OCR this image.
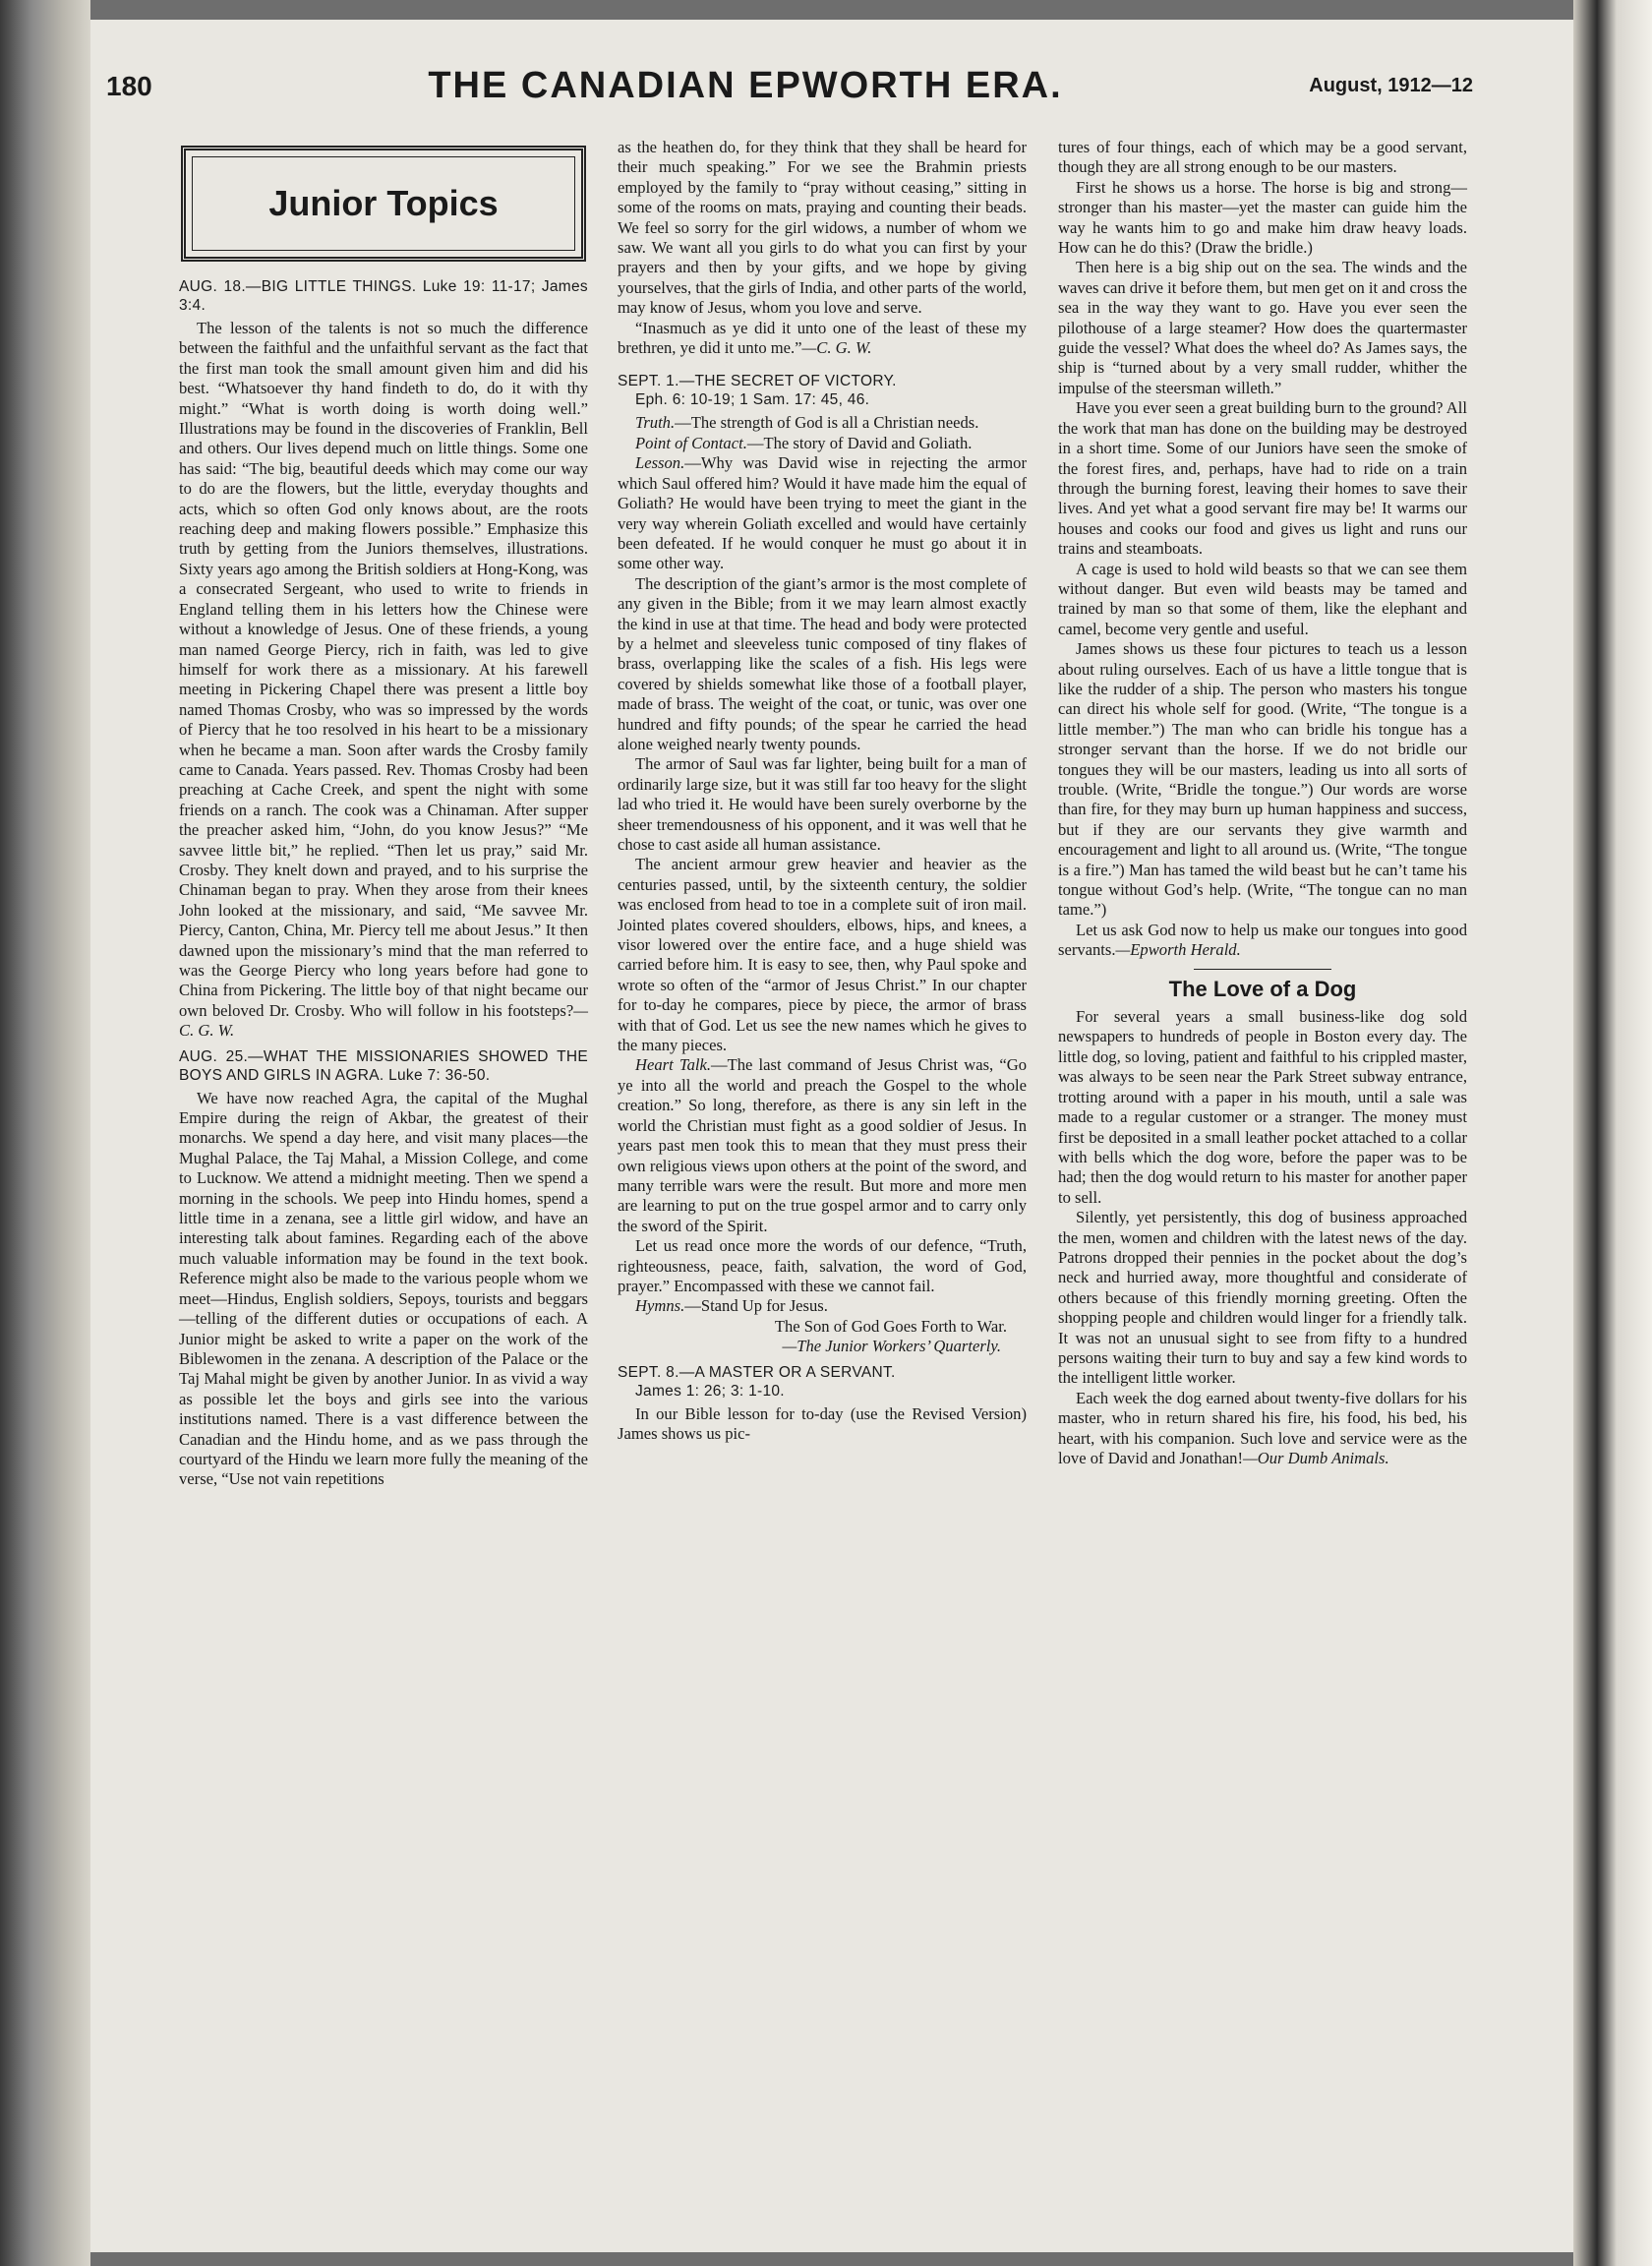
180	THE CANADIAN EPWORTH ERA.	August, 1912—12
Junior Topics
AUG. 18.—BIG LITTLE THINGS. Luke 19: 11-17; James 3:4.

The lesson of the talents is not so much the difference between the faithful and the unfaithful servant as the fact that the first man took the small amount given him and did his best. “Whatsoever thy hand findeth to do, do it with thy might.” “What is worth doing is worth doing well.” Illustrations may be found in the discoveries of Franklin, Bell and others. Our lives depend much on little things. Some one has said: “The big, beautiful deeds which may come our way to do are the flowers, but the little, everyday thoughts and acts, which so often God only knows about, are the roots reaching deep and making flowers possible.” Emphasize this truth by getting from the Juniors themselves, illustrations. Sixty years ago among the British soldiers at Hong-Kong, was a consecrated Sergeant, who used to write to friends in England telling them in his letters how the Chinese were without a knowledge of Jesus. One of these friends, a young man named George Piercy, rich in faith, was led to give himself for work there as a missionary. At his farewell meeting in Pickering Chapel there was present a little boy named Thomas Crosby, who was so impressed by the words of Piercy that he too resolved in his heart to be a missionary when he became a man. Soon after wards the Crosby family came to Canada. Years passed. Rev. Thomas Crosby had been preaching at Cache Creek, and spent the night with some friends on a ranch. The cook was a Chinaman. After supper the preacher asked him, “John, do you know Jesus?” “Me savvee little bit,” he replied. “Then let us pray,” said Mr. Crosby. They knelt down and prayed, and to his surprise the Chinaman began to pray. When they arose from their knees John looked at the missionary, and said, “Me savvee Mr. Piercy, Canton, China, Mr. Piercy tell me about Jesus.” It then dawned upon the missionary’s mind that the man referred to was the George Piercy who long years before had gone to China from Pickering. The little boy of that night became our own beloved Dr. Crosby. Who will follow in his footsteps?—C. G. W.

AUG. 25.—WHAT THE MISSIONARIES SHOWED THE BOYS AND GIRLS IN AGRA. Luke 7: 36-50.

We have now reached Agra, the capital of the Mughal Empire during the reign of Akbar, the greatest of their monarchs. We spend a day here, and visit many places—the Mughal Palace, the Taj Mahal, a Mission College, and come to Lucknow. We attend a midnight meeting. Then we spend a morning in the schools. We peep into Hindu homes, spend a little time in a zenana, see a little girl widow, and have an interesting talk about famines. Regarding each of the above much valuable information may be found in the text book. Reference might also be made to the various people whom we meet—Hindus, English soldiers, Sepoys, tourists and beggars—telling of the different duties or occupations of each. A Junior might be asked to write a paper on the work of the Biblewomen in the zenana. A description of the Palace or the Taj Mahal might be given by another Junior. In as vivid a way as possible let the boys and girls see into the various institutions named. There is a vast difference between the Canadian and the Hindu home, and as we pass through the courtyard of the Hindu we learn more fully the meaning of the verse, “Use not vain repetitions

as the heathen do, for they think that they shall be heard for their much speaking.” For we see the Brahmin priests employed by the family to “pray without ceasing,” sitting in some of the rooms on mats, praying and counting their beads. We feel so sorry for the girl widows, a number of whom we saw. We want all you girls to do what you can first by your prayers and then by your gifts, and we hope by giving yourselves, that the girls of India, and other parts of the world, may know of Jesus, whom you love and serve.

“Inasmuch as ye did it unto one of the least of these my brethren, ye did it unto me.”—C. G. W.

SEPT. 1.—THE SECRET OF VICTORY.
Eph. 6: 10-19; 1 Sam. 17: 45, 46.

Truth.—The strength of God is all a Christian needs.

Point of Contact.—The story of David and Goliath.

Lesson.—Why was David wise in rejecting the armor which Saul offered him? Would it have made him the equal of Goliath? He would have been trying to meet the giant in the very way wherein Goliath excelled and would have certainly been defeated. If he would conquer he must go about it in some other way.

The description of the giant’s armor is the most complete of any given in the Bible; from it we may learn almost exactly the kind in use at that time. The head and body were protected by a helmet and sleeveless tunic composed of tiny flakes of brass, overlapping like the scales of a fish. His legs were covered by shields somewhat like those of a football player, made of brass. The weight of the coat, or tunic, was over one hundred and fifty pounds; of the spear he carried the head alone weighed nearly twenty pounds.

The armor of Saul was far lighter, being built for a man of ordinarily large size, but it was still far too heavy for the slight lad who tried it. He would have been surely overborne by the sheer tremendousness of his opponent, and it was well that he chose to cast aside all human assistance.

The ancient armour grew heavier and heavier as the centuries passed, until, by the sixteenth century, the soldier was enclosed from head to toe in a complete suit of iron mail. Jointed plates covered shoulders, elbows, hips, and knees, a visor lowered over the entire face, and a huge shield was carried before him. It is easy to see, then, why Paul spoke and wrote so often of the “armor of Jesus Christ.” In our chapter for to-day he compares, piece by piece, the armor of brass with that of God. Let us see the new names which he gives to the many pieces.

Heart Talk.—The last command of Jesus Christ was, “Go ye into all the world and preach the Gospel to the whole creation.” So long, therefore, as there is any sin left in the world the Christian must fight as a good soldier of Jesus. In years past men took this to mean that they must press their own religious views upon others at the point of the sword, and many terrible wars were the result. But more and more men are learning to put on the true gospel armor and to carry only the sword of the Spirit.

Let us read once more the words of our defence, “Truth, righteousness, peace, faith, salvation, the word of God, prayer.” Encompassed with these we cannot fail.

Hymns.—Stand Up for Jesus.

The Son of God Goes Forth to War.

—The Junior Workers’ Quarterly.

SEPT. 8.—A MASTER OR A SERVANT.
James 1: 26; 3: 1-10.

In our Bible lesson for to-day (use the Revised Version) James shows us pic-

tures of four things, each of which may be a good servant, though they are all strong enough to be our masters.

First he shows us a horse. The horse is big and strong—stronger than his master—yet the master can guide him the way he wants him to go and make him draw heavy loads. How can he do this? (Draw the bridle.)

Then here is a big ship out on the sea. The winds and the waves can drive it before them, but men get on it and cross the sea in the way they want to go. Have you ever seen the pilothouse of a large steamer? How does the quartermaster guide the vessel? What does the wheel do? As James says, the ship is “turned about by a very small rudder, whither the impulse of the steersman willeth.”

Have you ever seen a great building burn to the ground? All the work that man has done on the building may be destroyed in a short time. Some of our Juniors have seen the smoke of the forest fires, and, perhaps, have had to ride on a train through the burning forest, leaving their homes to save their lives. And yet what a good servant fire may be! It warms our houses and cooks our food and gives us light and runs our trains and steamboats.

A cage is used to hold wild beasts so that we can see them without danger. But even wild beasts may be tamed and trained by man so that some of them, like the elephant and camel, become very gentle and useful.

James shows us these four pictures to teach us a lesson about ruling ourselves. Each of us have a little tongue that is like the rudder of a ship. The person who masters his tongue can direct his whole self for good. (Write, “The tongue is a little member.”) The man who can bridle his tongue has a stronger servant than the horse. If we do not bridle our tongues they will be our masters, leading us into all sorts of trouble. (Write, “Bridle the tongue.”) Our words are worse than fire, for they may burn up human happiness and success, but if they are our servants they give warmth and encouragement and light to all around us. (Write, “The tongue is a fire.”) Man has tamed the wild beast but he can’t tame his tongue without God’s help. (Write, “The tongue can no man tame.”)

Let us ask God now to help us make our tongues into good servants.—Epworth Herald.

The Love of a Dog

For several years a small business-like dog sold newspapers to hundreds of people in Boston every day. The little dog, so loving, patient and faithful to his crippled master, was always to be seen near the Park Street subway entrance, trotting around with a paper in his mouth, until a sale was made to a regular customer or a stranger. The money must first be deposited in a small leather pocket attached to a collar with bells which the dog wore, before the paper was to be had; then the dog would return to his master for another paper to sell.

Silently, yet persistently, this dog of business approached the men, women and children with the latest news of the day. Patrons dropped their pennies in the pocket about the dog’s neck and hurried away, more thoughtful and considerate of others because of this friendly morning greeting. Often the shopping people and children would linger for a friendly talk. It was not an unusual sight to see from fifty to a hundred persons waiting their turn to buy and say a few kind words to the intelligent little worker.

Each week the dog earned about twenty-five dollars for his master, who in return shared his fire, his food, his bed, his heart, with his companion. Such love and service were as the love of David and Jonathan!—Our Dumb Animals.
